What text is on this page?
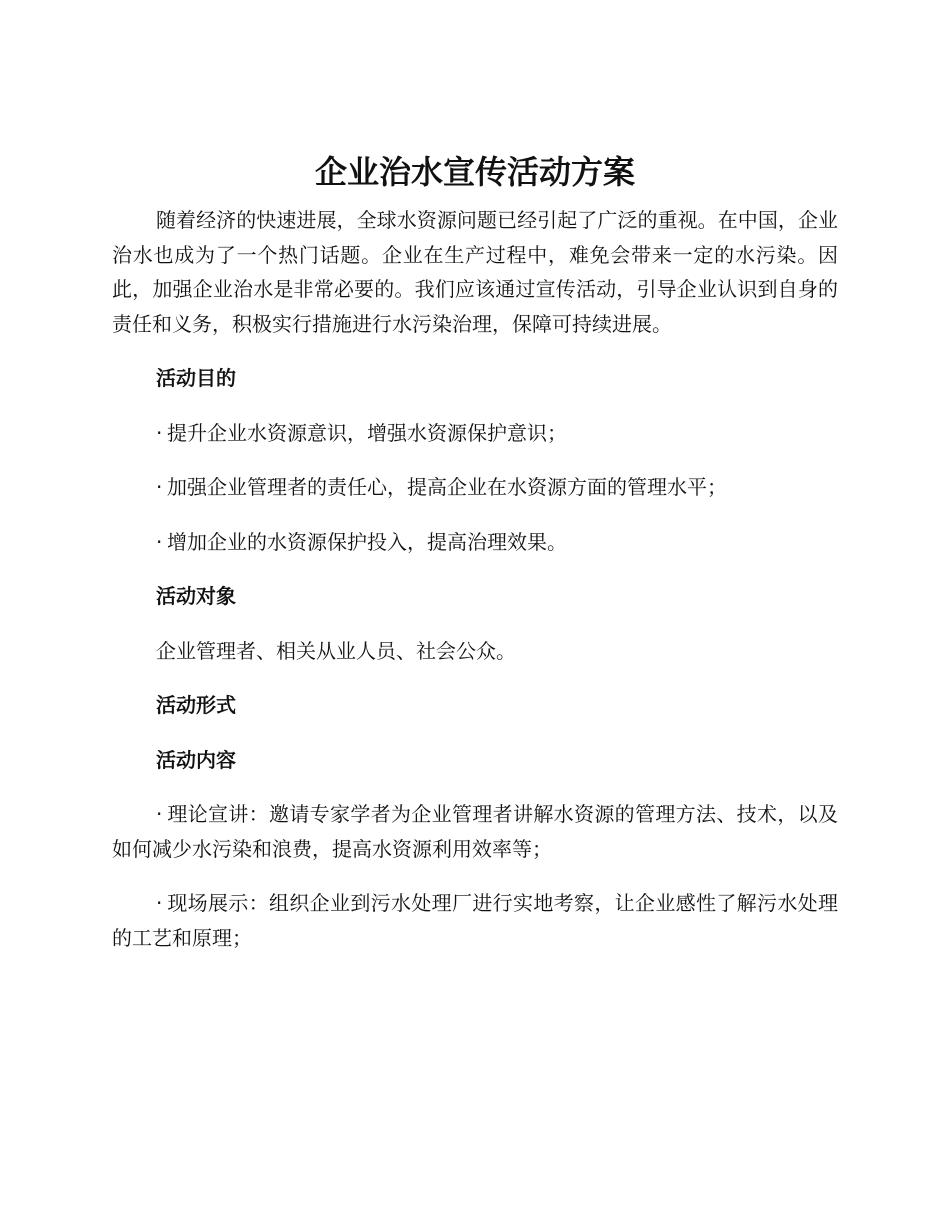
企业治水宣传活动方案

随着经济的快速进展，全球水资源问题已经引起了广泛的重视。在中国，企业治水也成为了一个热门话题。企业在生产过程中，难免会带来一定的水污染。因此，加强企业治水是非常必要的。我们应该通过宣传活动，引导企业认识到自身的责任和义务，积极实行措施进行水污染治理，保障可持续进展。

活动目的
· 提升企业水资源意识，增强水资源保护意识；
· 加强企业管理者的责任心，提高企业在水资源方面的管理水平；
· 增加企业的水资源保护投入，提高治理效果。
活动对象
企业管理者、相关从业人员、社会公众。
活动形式
活动内容
· 理论宣讲：邀请专家学者为企业管理者讲解水资源的管理方法、技术，以及如何减少水污染和浪费，提高水资源利用效率等；
· 现场展示：组织企业到污水处理厂进行实地考察，让企业感性了解污水处理的工艺和原理；
